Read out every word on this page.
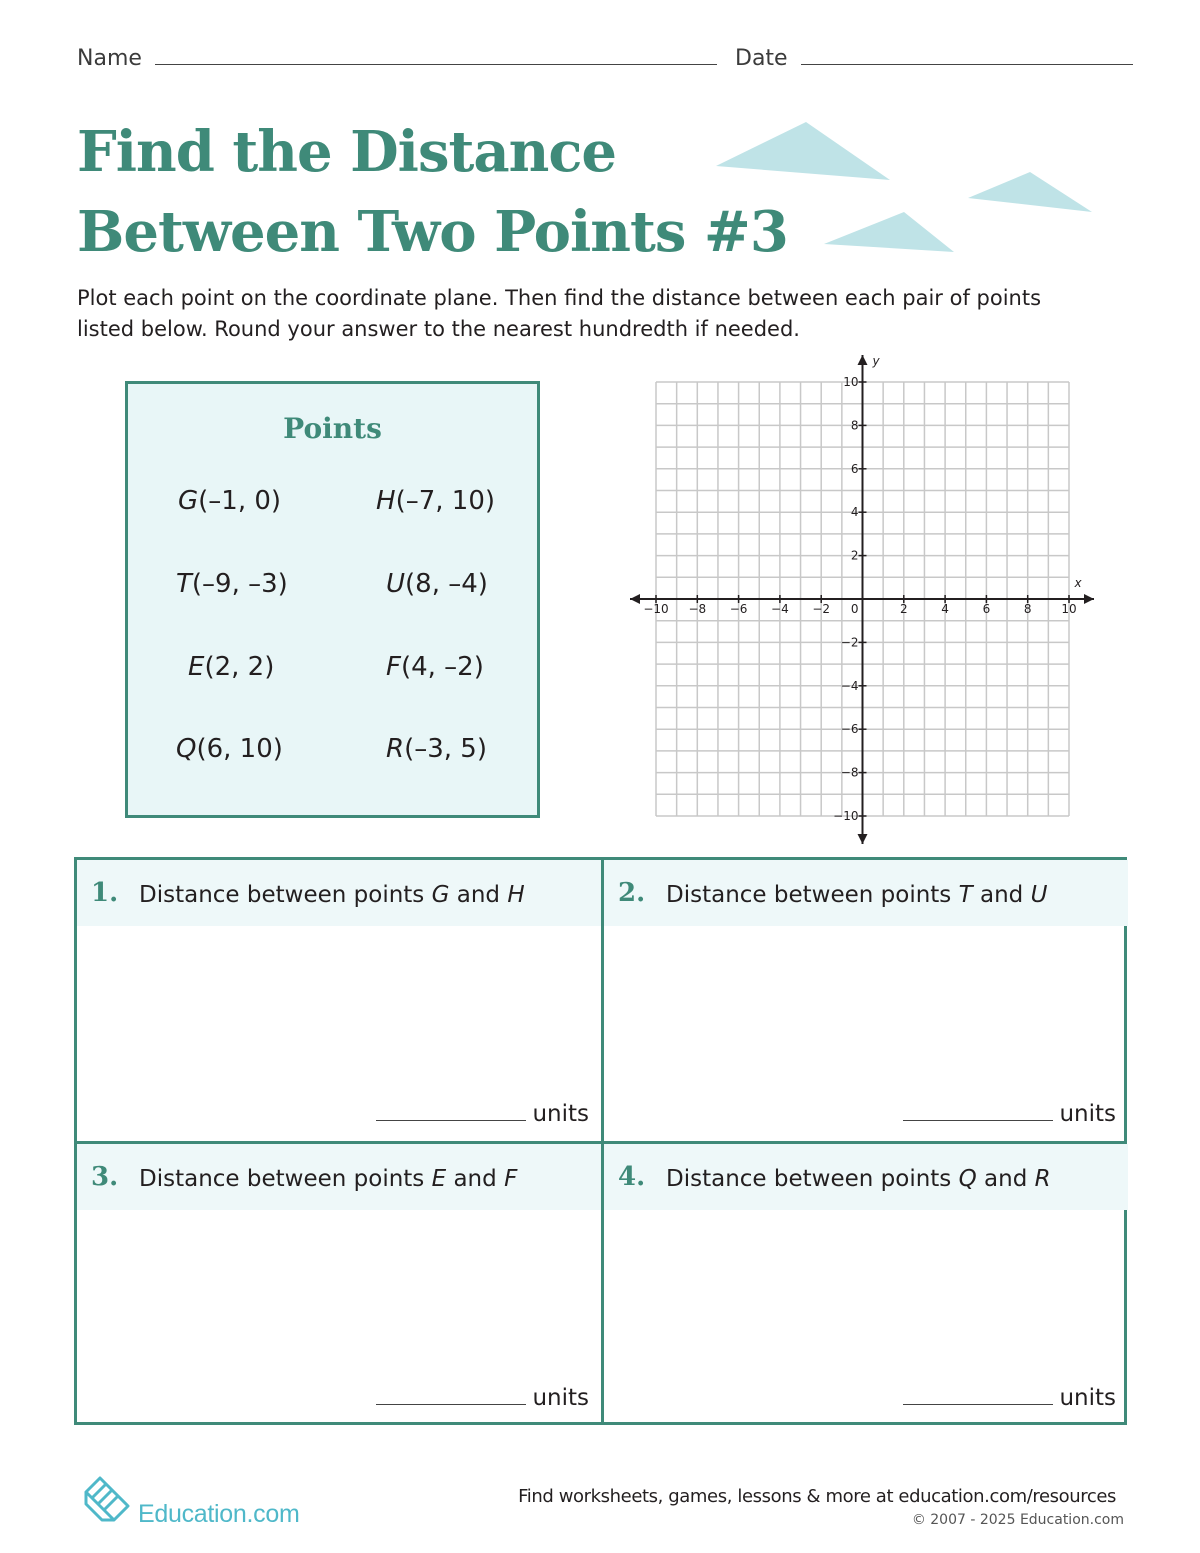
Name	Date
Find the Distance
Between Two Points #3
Plot each point on the coordinate plane. Then find the distance between each pair of points listed below. Round your answer to the nearest hundredth if needed.
Points
G(–1, 0)	H(–7, 10)
T(–9, –3)	U(8, –4)
E(2, 2)	F(4, –2)
Q(6, 10)	R(–3, 5)
−10 −8 −6 −4 −2	2	4	6	8 10
10
8
6
4
2
−2
−4
−6
−8
−10
0
x
y
1. Distance between points G and H
units
2. Distance between points T and U
units
3. Distance between points E and F
units
4. Distance between points Q and R
units
Education.com
Find worksheets, games, lessons & more at education.com/resources
© 2007 - 2025 Education.com
